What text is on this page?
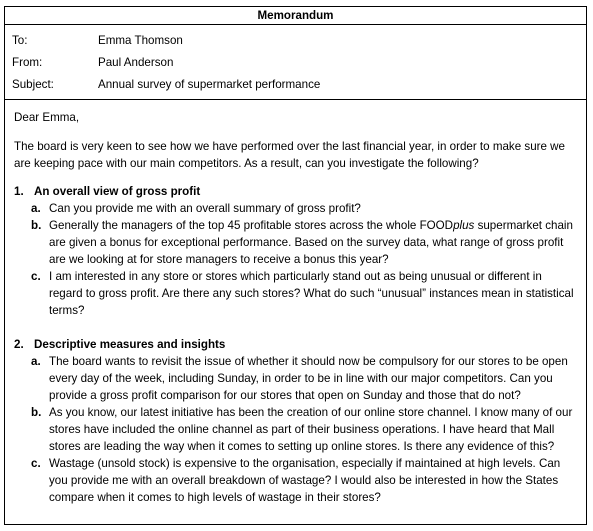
Memorandum
To:	Emma Thomson
From:	Paul Anderson
Subject:	Annual survey of supermarket performance

Dear Emma,

The board is very keen to see how we have performed over the last financial year, in order to make sure we are keeping pace with our main competitors. As a result, can you investigate the following?

1. An overall view of gross profit
a. Can you provide me with an overall summary of gross profit?
b. Generally the managers of the top 45 profitable stores across the whole FOODplus supermarket chain are given a bonus for exceptional performance. Based on the survey data, what range of gross profit are we looking at for store managers to receive a bonus this year?
c. I am interested in any store or stores which particularly stand out as being unusual or different in regard to gross profit. Are there any such stores? What do such “unusual” instances mean in statistical terms?
2. Descriptive measures and insights
a. The board wants to revisit the issue of whether it should now be compulsory for our stores to be open every day of the week, including Sunday, in order to be in line with our major competitors. Can you provide a gross profit comparison for our stores that open on Sunday and those that do not?
b. As you know, our latest initiative has been the creation of our online store channel. I know many of our stores have included the online channel as part of their business operations. I have heard that Mall stores are leading the way when it comes to setting up online stores. Is there any evidence of this?
c. Wastage (unsold stock) is expensive to the organisation, especially if maintained at high levels. Can you provide me with an overall breakdown of wastage? I would also be interested in how the States compare when it comes to high levels of wastage in their stores?
